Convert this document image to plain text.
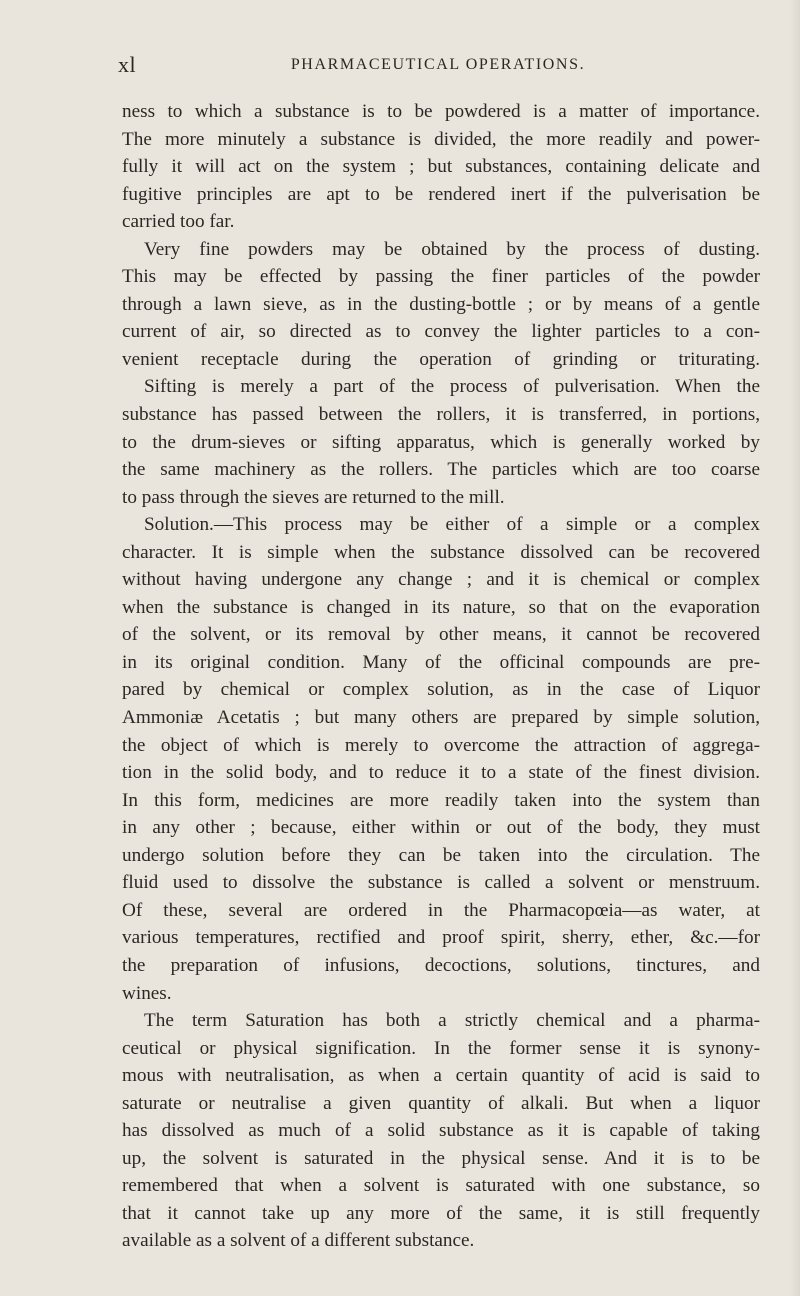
xl	PHARMACEUTICAL OPERATIONS.
ness to which a substance is to be powdered is a matter of importance.
The more minutely a substance is divided, the more readily and power-
fully it will act on the system ; but substances, containing delicate and
fugitive principles are apt to be rendered inert if the pulverisation be
carried too far.
Very fine powders may be obtained by the process of dusting.
This may be effected by passing the finer particles of the powder
through a lawn sieve, as in the dusting-bottle ; or by means of a gentle
current of air, so directed as to convey the lighter particles to a con-
venient receptacle during the operation of grinding or triturating.
Sifting is merely a part of the process of pulverisation. When the
substance has passed between the rollers, it is transferred, in portions,
to the drum-sieves or sifting apparatus, which is generally worked by
the same machinery as the rollers. The particles which are too coarse
to pass through the sieves are returned to the mill.
Solution.—This process may be either of a simple or a complex
character. It is simple when the substance dissolved can be recovered
without having undergone any change ; and it is chemical or complex
when the substance is changed in its nature, so that on the evaporation
of the solvent, or its removal by other means, it cannot be recovered
in its original condition. Many of the officinal compounds are pre-
pared by chemical or complex solution, as in the case of Liquor
Ammoniæ Acetatis ; but many others are prepared by simple solution,
the object of which is merely to overcome the attraction of aggrega-
tion in the solid body, and to reduce it to a state of the finest division.
In this form, medicines are more readily taken into the system than
in any other ; because, either within or out of the body, they must
undergo solution before they can be taken into the circulation. The
fluid used to dissolve the substance is called a solvent or menstruum.
Of these, several are ordered in the Pharmacopœia—as water, at
various temperatures, rectified and proof spirit, sherry, ether, &c.—for
the preparation of infusions, decoctions, solutions, tinctures, and
wines.
The term Saturation has both a strictly chemical and a pharma-
ceutical or physical signification. In the former sense it is synony-
mous with neutralisation, as when a certain quantity of acid is said to
saturate or neutralise a given quantity of alkali. But when a liquor
has dissolved as much of a solid substance as it is capable of taking
up, the solvent is saturated in the physical sense. And it is to be
remembered that when a solvent is saturated with one substance, so
that it cannot take up any more of the same, it is still frequently
available as a solvent of a different substance.
